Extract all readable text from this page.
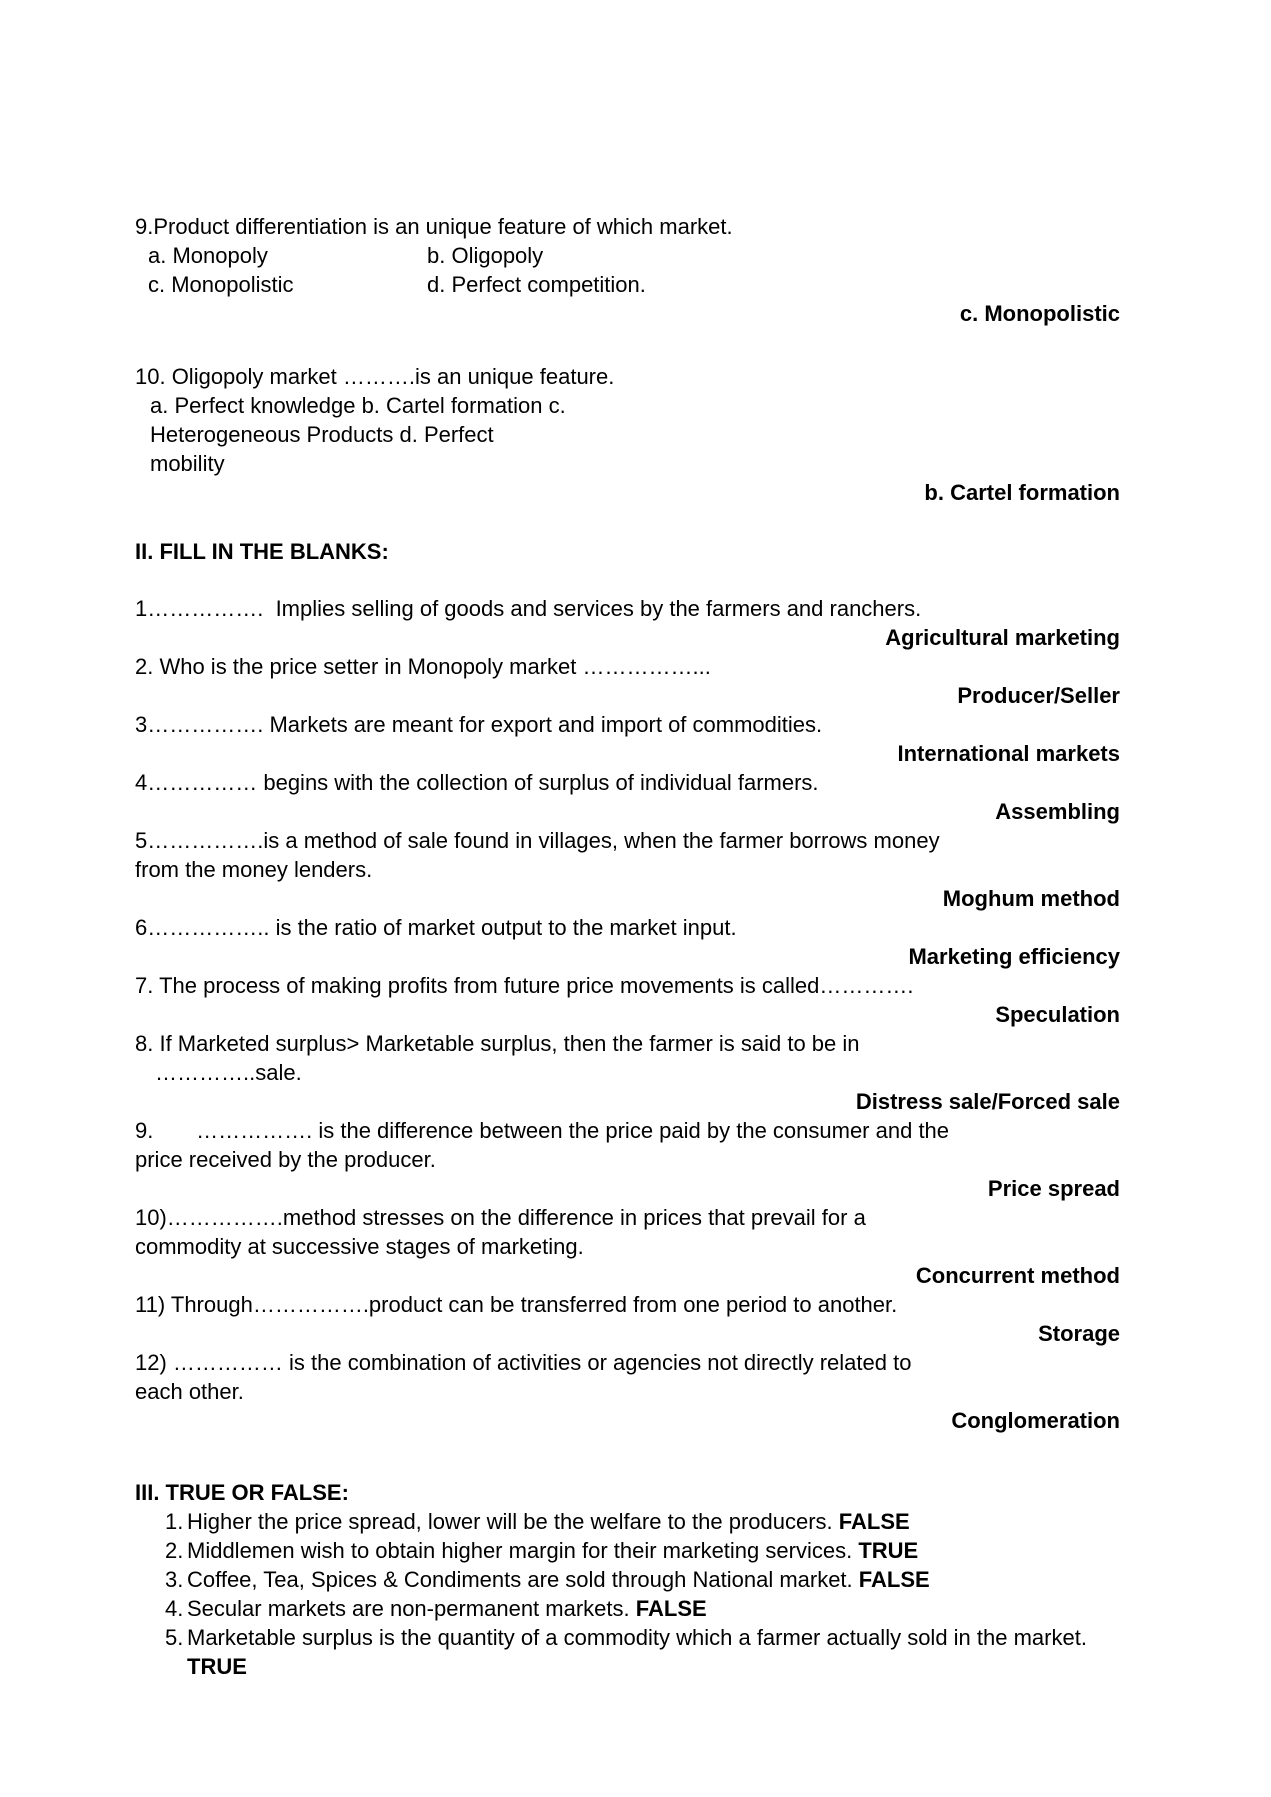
9.Product differentiation is an unique feature of which market.

a. Monopoly	b. Oligopoly
c. Monopolistic	d. Perfect competition.

c. Monopolistic

10. Oligopoly market ……….is an unique feature.

a. Perfect knowledge b. Cartel formation c.

Heterogeneous Products d. Perfect

mobility

b. Cartel formation

II. FILL IN THE BLANKS:

1…………….  Implies selling of goods and services by the farmers and ranchers.

Agricultural marketing

2. Who is the price setter in Monopoly market ……………...

Producer/Seller

3……………. Markets are meant for export and import of commodities.

International markets

4…………… begins with the collection of surplus of individual farmers.

Assembling

5…………….is a method of sale found in villages, when the farmer borrows money

from the money lenders.

Moghum method

6…………….. is the ratio of market output to the market input.

Marketing efficiency

7. The process of making profits from future price movements is called………….

Speculation

8. If Marketed surplus> Marketable surplus, then the farmer is said to be in

…………..sale.

Distress sale/Forced sale

9.       ……………. is the difference between the price paid by the consumer and the

price received by the producer.

Price spread

10)…………….method stresses on the difference in prices that prevail for a

commodity at successive stages of marketing.

Concurrent method

11) Through…………….product can be transferred from one period to another.

Storage

12) …………… is the combination of activities or agencies not directly related to

each other.

Conglomeration

III. TRUE OR FALSE:

1. Higher the price spread, lower will be the welfare to the producers. FALSE
2. Middlemen wish to obtain higher margin for their marketing services. TRUE
3. Coffee, Tea, Spices & Condiments are sold through National market. FALSE
4. Secular markets are non-permanent markets. FALSE
5. Marketable surplus is the quantity of a commodity which a farmer actually sold in the market. TRUE
